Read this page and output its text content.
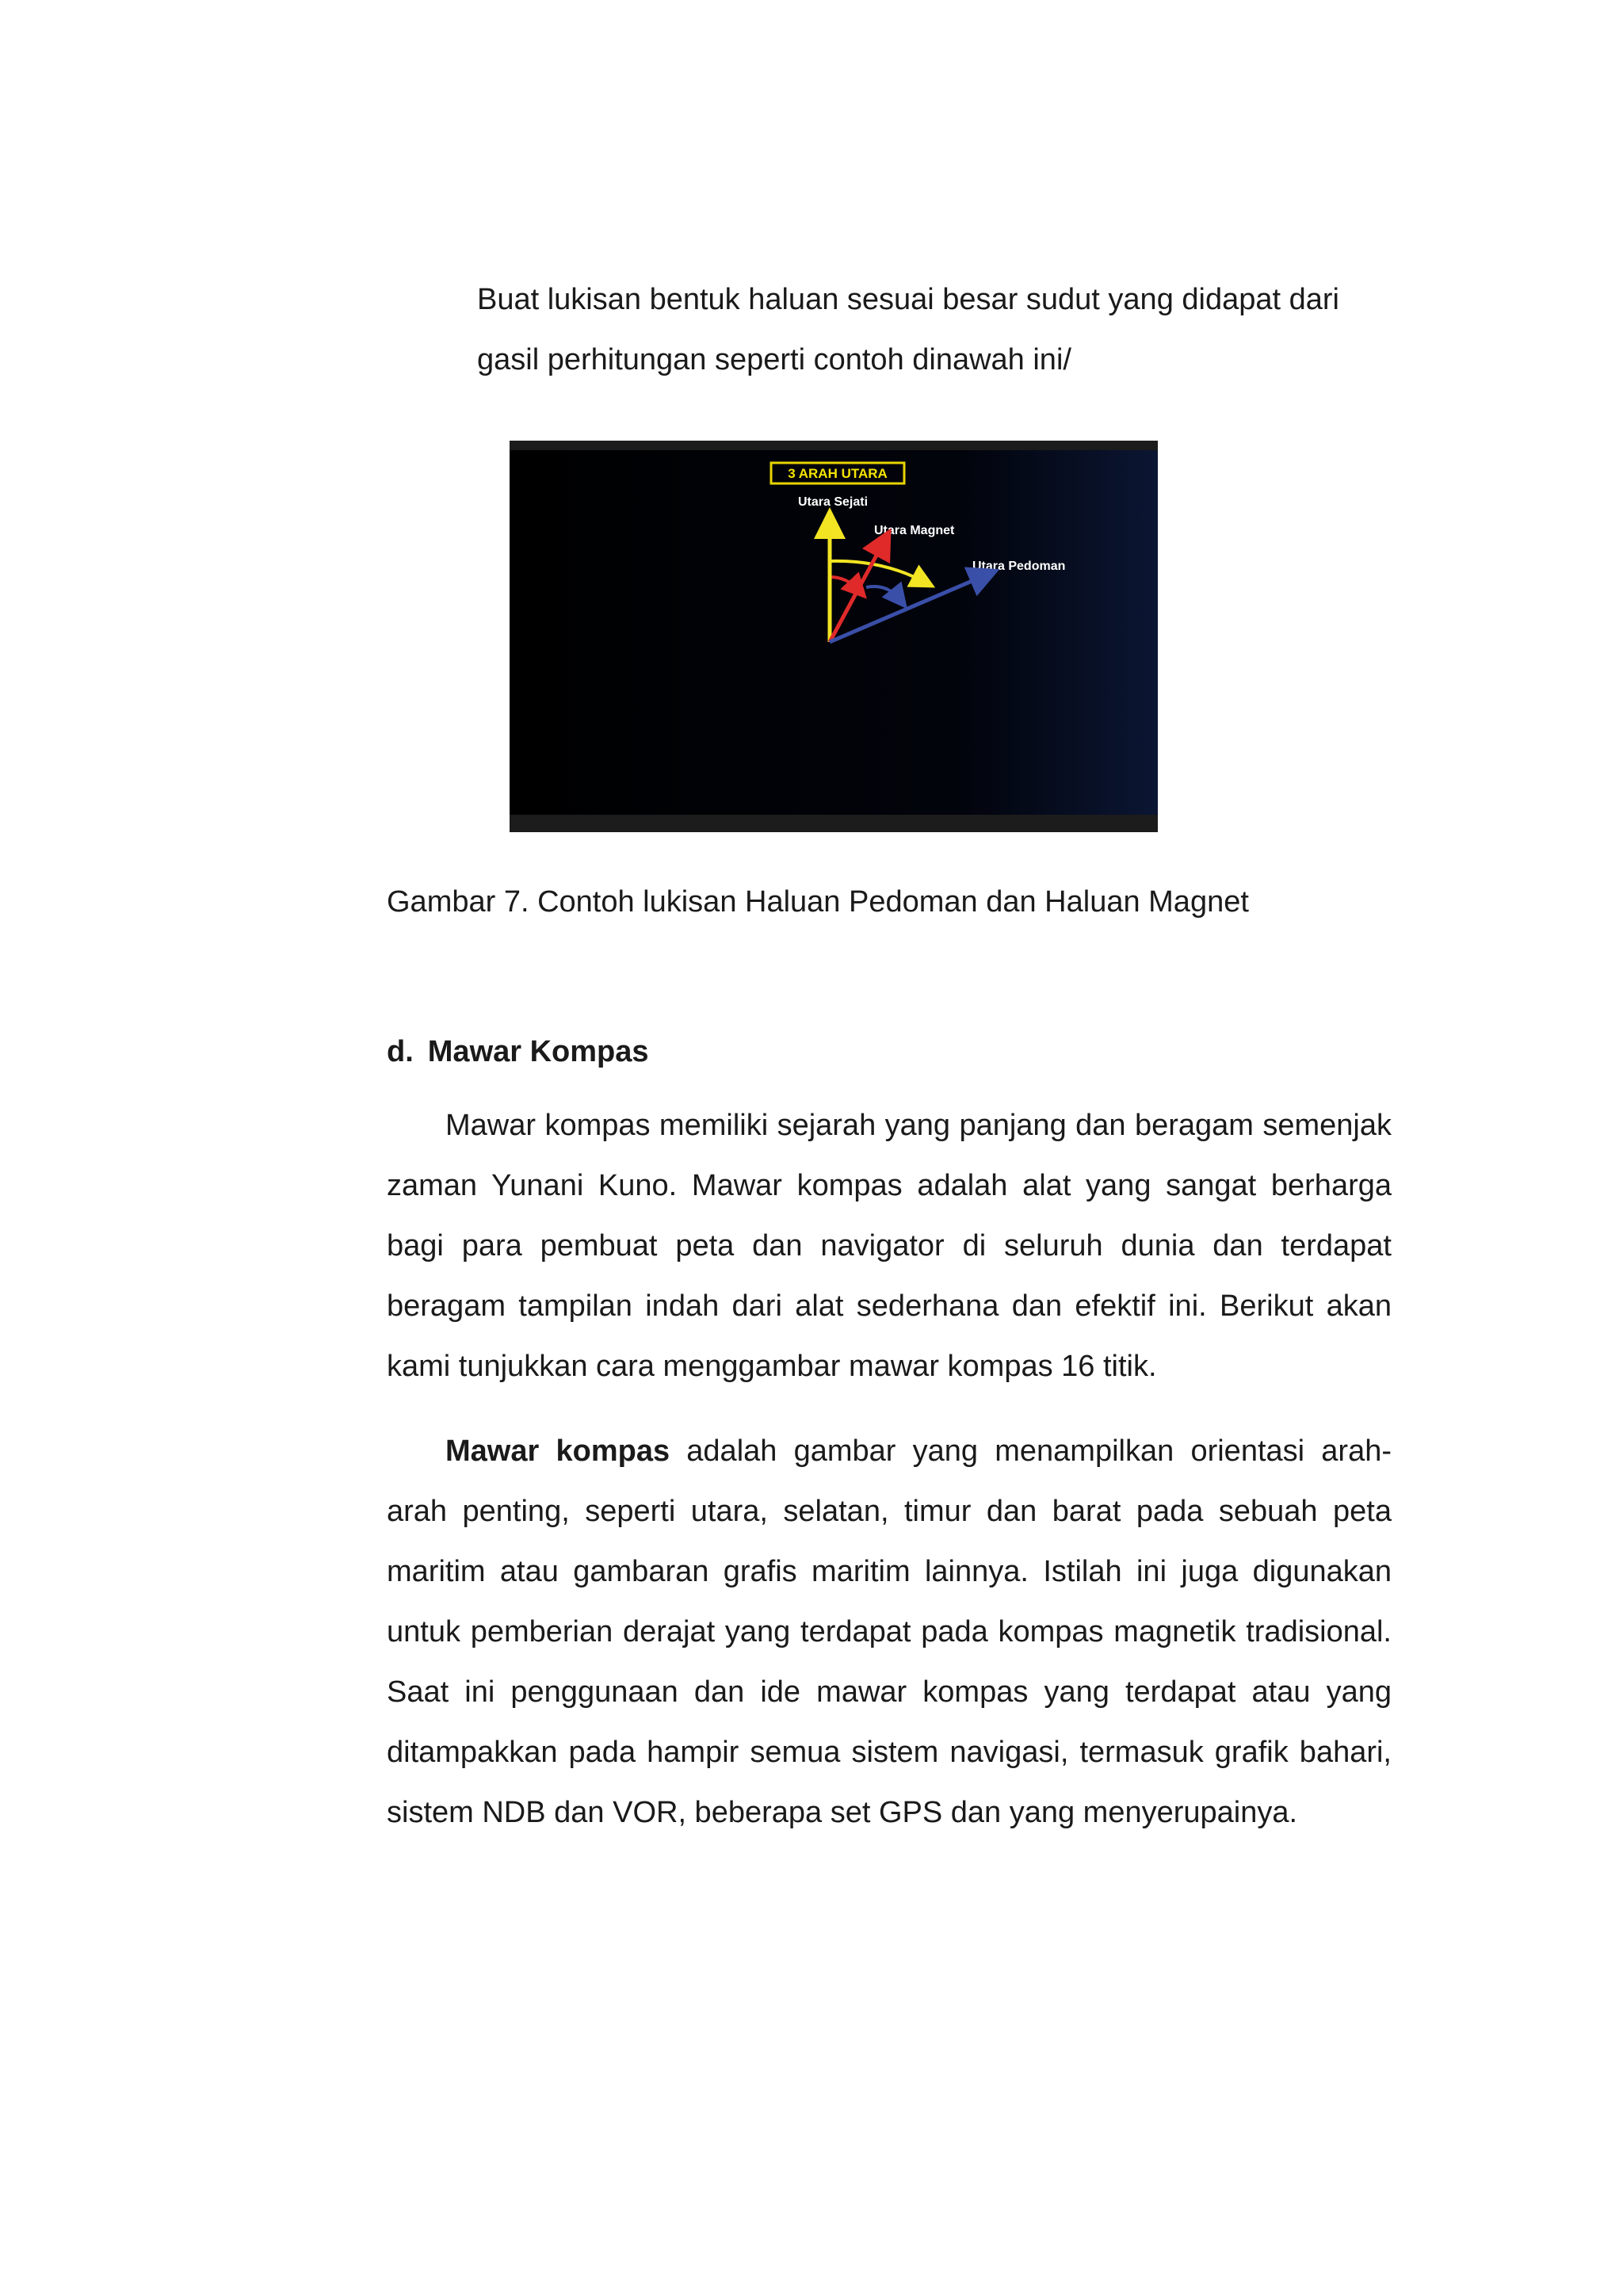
Buat lukisan bentuk haluan sesuai besar sudut yang didapat dari gasil perhitungan seperti contoh dinawah ini/

3 ARAH UTARA
Utara Sejati
Utara Magnet
Utara Pedoman

Gambar 7. Contoh lukisan Haluan Pedoman dan Haluan Magnet

d. Mawar Kompas

Mawar kompas memiliki sejarah yang panjang dan beragam semenjak zaman Yunani Kuno. Mawar kompas adalah alat yang sangat berharga bagi para pembuat peta dan navigator di seluruh dunia dan terdapat beragam tampilan indah dari alat sederhana dan efektif ini. Berikut akan kami tunjukkan cara menggambar mawar kompas 16 titik.

Mawar kompas adalah gambar yang menampilkan orientasi arah-arah penting, seperti utara, selatan, timur dan barat pada sebuah peta maritim atau gambaran grafis maritim lainnya. Istilah ini juga digunakan untuk pemberian derajat yang terdapat pada kompas magnetik tradisional. Saat ini penggunaan dan ide mawar kompas yang terdapat atau yang ditampakkan pada hampir semua sistem navigasi, termasuk grafik bahari, sistem NDB dan VOR, beberapa set GPS dan yang menyerupainya.
